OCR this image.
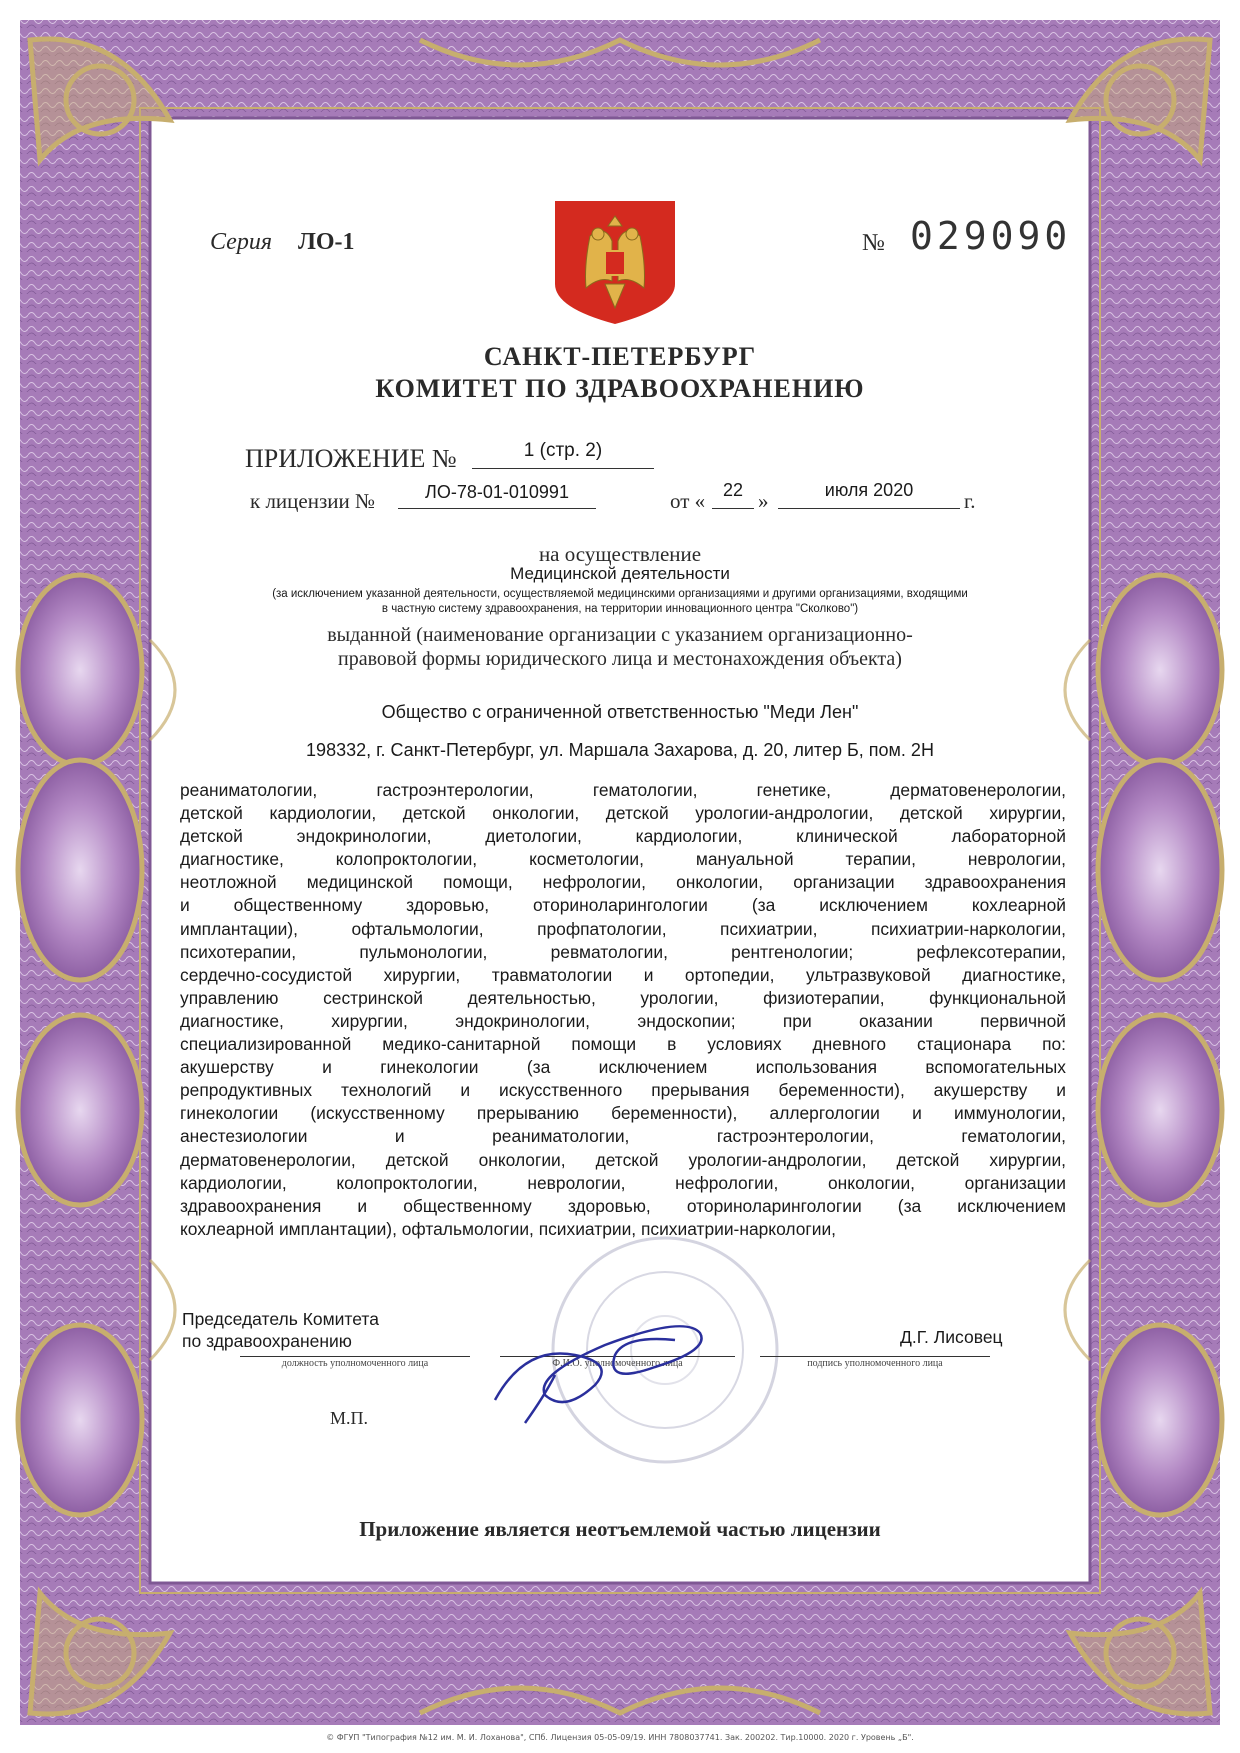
Серия ЛО-1	№ 029090
САНКТ-ПЕТЕРБУРГ
КОМИТЕТ ПО ЗДРАВООХРАНЕНИЮ
ПРИЛОЖЕНИЕ №	1 (стр. 2)
к лицензии №	ЛО-78-01-010991	от « 22 »	июля 2020	г.
на осуществление
Медицинской деятельности
(за исключением указанной деятельности, осуществляемой медицинскими организациями и другими организациями, входящими
в частную систему здравоохранения, на территории инновационного центра "Сколково")
выданной (наименование организации с указанием организационно-
правовой формы юридического лица и местонахождения объекта)
Общество с ограниченной ответственностью "Меди Лен"
198332, г. Санкт-Петербург, ул. Маршала Захарова, д. 20, литер Б, пом. 2Н
реаниматологии, гастроэнтерологии, гематологии, генетике, дерматовенерологии,
детской кардиологии, детской онкологии, детской урологии-андрологии, детской хирургии,
детской эндокринологии, диетологии, кардиологии, клинической лабораторной
диагностике, колопроктологии, косметологии, мануальной терапии, неврологии,
неотложной медицинской помощи, нефрологии, онкологии, организации здравоохранения
и общественному здоровью, оториноларингологии (за исключением кохлеарной
имплантации), офтальмологии, профпатологии, психиатрии, психиатрии-наркологии,
психотерапии, пульмонологии, ревматологии, рентгенологии; рефлексотерапии,
сердечно-сосудистой хирургии, травматологии и ортопедии, ультразвуковой диагностике,
управлению сестринской деятельностью, урологии, физиотерапии, функциональной
диагностике, хирургии, эндокринологии, эндоскопии; при оказании первичной
специализированной медико-санитарной помощи в условиях дневного стационара по:
акушерству и гинекологии (за исключением использования вспомогательных
репродуктивных технологий и искусственного прерывания беременности), акушерству и
гинекологии (искусственному прерыванию беременности), аллергологии и иммунологии,
анестезиологии и реаниматологии, гастроэнтерологии, гематологии,
дерматовенерологии, детской онкологии, детской урологии-андрологии, детской хирургии,
кардиологии, колопроктологии, неврологии, нефрологии, онкологии, организации
здравоохранения и общественному здоровью, оториноларингологии (за исключением
кохлеарной имплантации), офтальмологии, психиатрии, психиатрии-наркологии,
Председатель Комитета
по здравоохранению	Д.Г. Лисовец
должность уполномоченного лица	Ф.И.О. уполномоченного лица	подпись уполномоченного лица
М.П.
Приложение является неотъемлемой частью лицензии
© ФГУП "Типография №12 им. М. И. Лоханова", СПб. Лицензия 05-05-09/19. ИНН 7808037741. Зак. 200202. Тир.10000. 2020 г. Уровень „Б".
